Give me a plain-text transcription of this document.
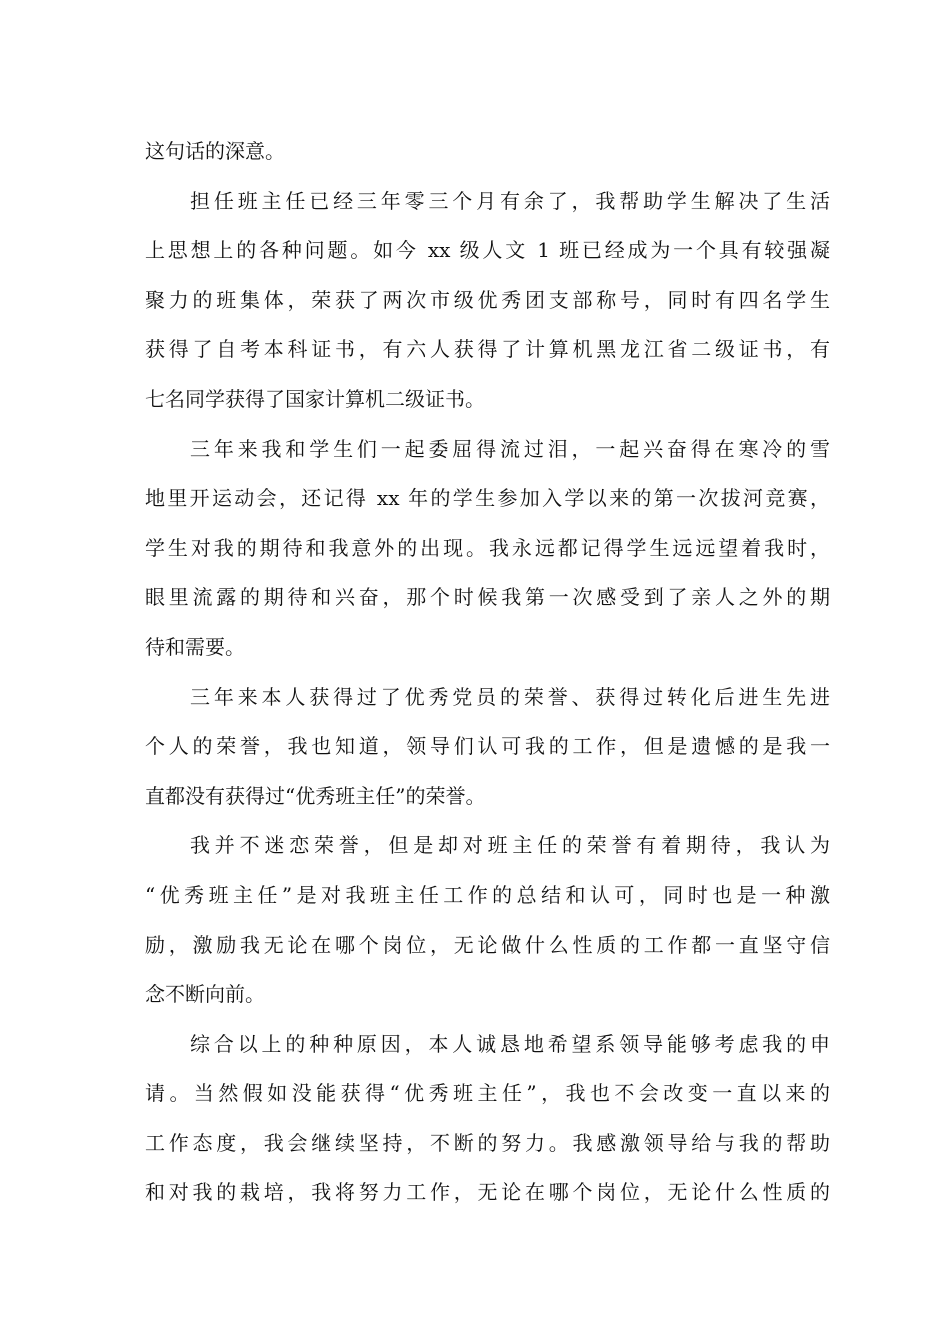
这句话的深意。
担任班主任已经三年零三个月有余了，我帮助学生解决了生活
上思想上的各种问题。如今 xx 级人文 1 班已经成为一个具有较强凝
聚力的班集体，荣获了两次市级优秀团支部称号，同时有四名学生
获得了自考本科证书，有六人获得了计算机黑龙江省二级证书，有
七名同学获得了国家计算机二级证书。
三年来我和学生们一起委屈得流过泪，一起兴奋得在寒冷的雪
地里开运动会，还记得 xx 年的学生参加入学以来的第一次拔河竞赛，
学生对我的期待和我意外的出现。我永远都记得学生远远望着我时，
眼里流露的期待和兴奋，那个时候我第一次感受到了亲人之外的期
待和需要。
三年来本人获得过了优秀党员的荣誉、获得过转化后进生先进
个人的荣誉，我也知道，领导们认可我的工作，但是遗憾的是我一
直都没有获得过“优秀班主任”的荣誉。
我并不迷恋荣誉，但是却对班主任的荣誉有着期待，我认为
“优秀班主任”是对我班主任工作的总结和认可，同时也是一种激
励，激励我无论在哪个岗位，无论做什么性质的工作都一直坚守信
念不断向前。
综合以上的种种原因，本人诚恳地希望系领导能够考虑我的申
请。当然假如没能获得“优秀班主任”，我也不会改变一直以来的
工作态度，我会继续坚持，不断的努力。我感激领导给与我的帮助
和对我的栽培，我将努力工作，无论在哪个岗位，无论什么性质的
